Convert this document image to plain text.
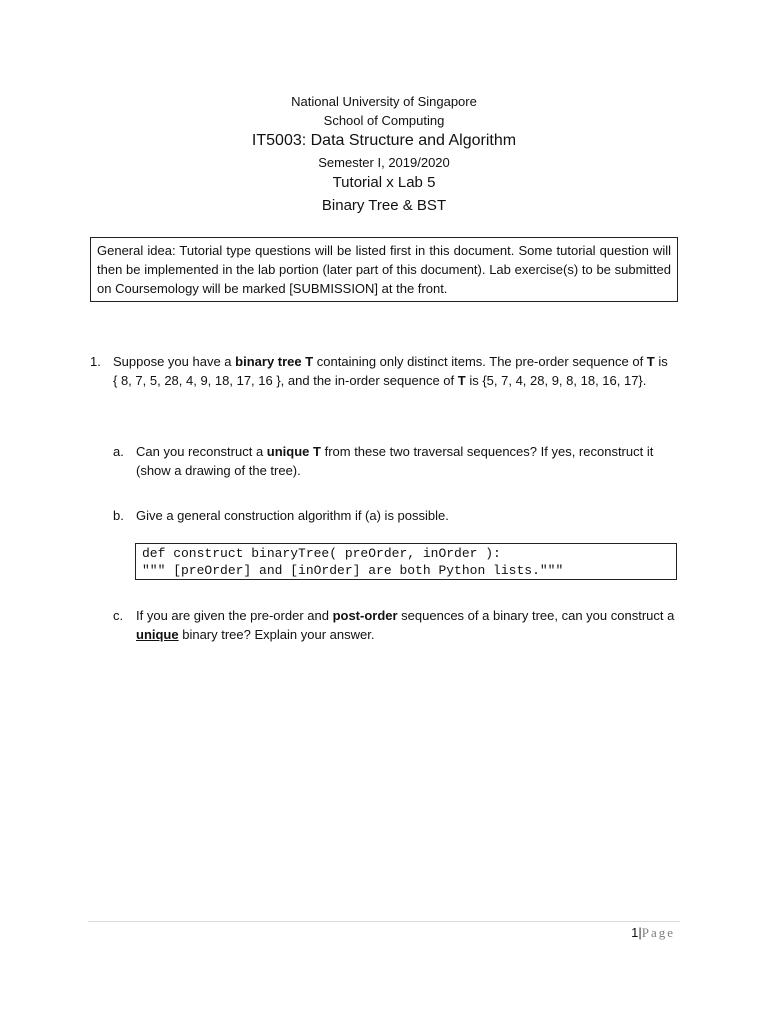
National University of Singapore
School of Computing
IT5003: Data Structure and Algorithm
Semester I, 2019/2020
Tutorial x Lab 5
Binary Tree & BST
General idea: Tutorial type questions will be listed first in this document. Some tutorial question will then be implemented in the lab portion (later part of this document). Lab exercise(s) to be submitted on Coursemology will be marked [SUBMISSION] at the front.
1. Suppose you have a binary tree T containing only distinct items. The pre-order sequence of T is { 8, 7, 5, 28, 4, 9, 18, 17, 16 }, and the in-order sequence of T is {5, 7, 4, 28, 9, 8, 18, 16, 17}.
a. Can you reconstruct a unique T from these two traversal sequences? If yes, reconstruct it (show a drawing of the tree).
b. Give a general construction algorithm if (a) is possible.
def construct binaryTree( preOrder, inOrder ):
""" [preOrder] and [inOrder] are both Python lists."""
c. If you are given the pre-order and post-order sequences of a binary tree, can you construct a unique binary tree? Explain your answer.
1|Page
